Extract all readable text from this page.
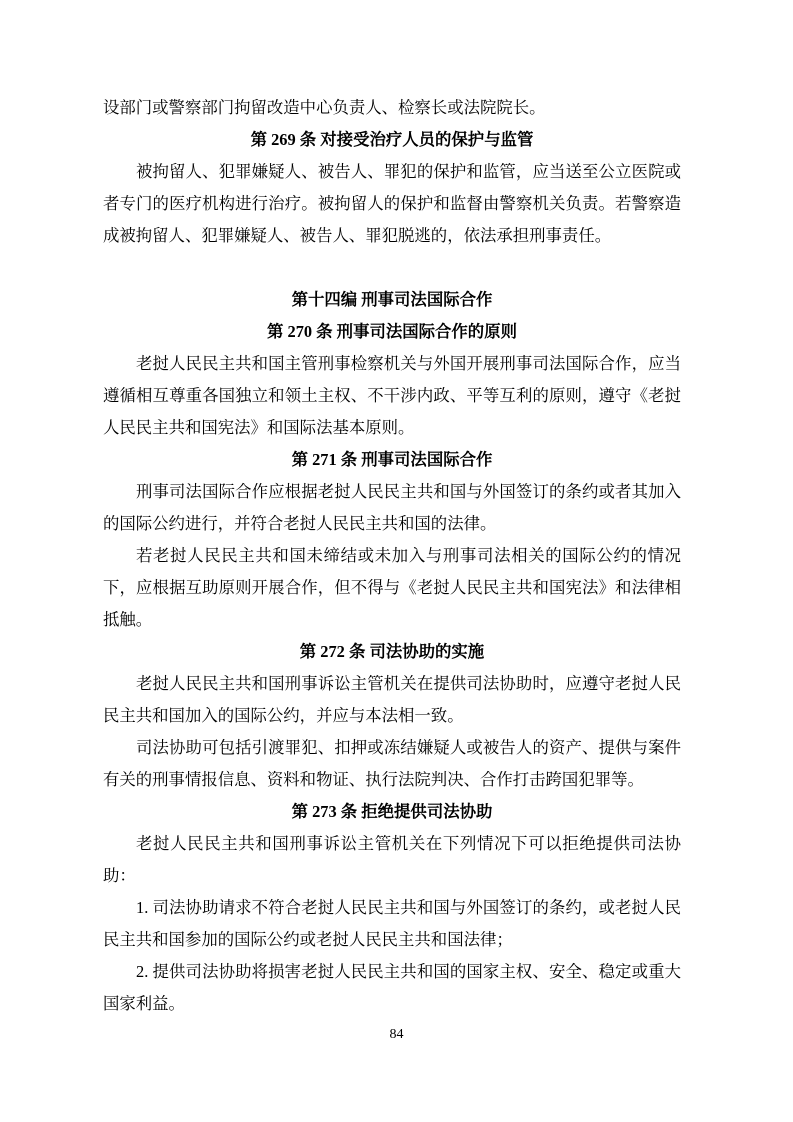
设部门或警察部门拘留改造中心负责人、检察长或法院院长。

第 269 条 对接受治疗人员的保护与监管

被拘留人、犯罪嫌疑人、被告人、罪犯的保护和监管，应当送至公立医院或者专门的医疗机构进行治疗。被拘留人的保护和监督由警察机关负责。若警察造成被拘留人、犯罪嫌疑人、被告人、罪犯脱逃的，依法承担刑事责任。

第十四编 刑事司法国际合作

第 270 条 刑事司法国际合作的原则

老挝人民民主共和国主管刑事检察机关与外国开展刑事司法国际合作，应当遵循相互尊重各国独立和领土主权、不干涉内政、平等互利的原则，遵守《老挝人民民主共和国宪法》和国际法基本原则。

第 271 条 刑事司法国际合作

刑事司法国际合作应根据老挝人民民主共和国与外国签订的条约或者其加入的国际公约进行，并符合老挝人民民主共和国的法律。

若老挝人民民主共和国未缔结或未加入与刑事司法相关的国际公约的情况下，应根据互助原则开展合作，但不得与《老挝人民民主共和国宪法》和法律相抵触。

第 272 条 司法协助的实施

老挝人民民主共和国刑事诉讼主管机关在提供司法协助时，应遵守老挝人民民主共和国加入的国际公约，并应与本法相一致。

司法协助可包括引渡罪犯、扣押或冻结嫌疑人或被告人的资产、提供与案件有关的刑事情报信息、资料和物证、执行法院判决、合作打击跨国犯罪等。

第 273 条 拒绝提供司法协助

老挝人民民主共和国刑事诉讼主管机关在下列情况下可以拒绝提供司法协助：

1. 司法协助请求不符合老挝人民民主共和国与外国签订的条约，或老挝人民民主共和国参加的国际公约或老挝人民民主共和国法律；

2. 提供司法协助将损害老挝人民民主共和国的国家主权、安全、稳定或重大国家利益。

84
